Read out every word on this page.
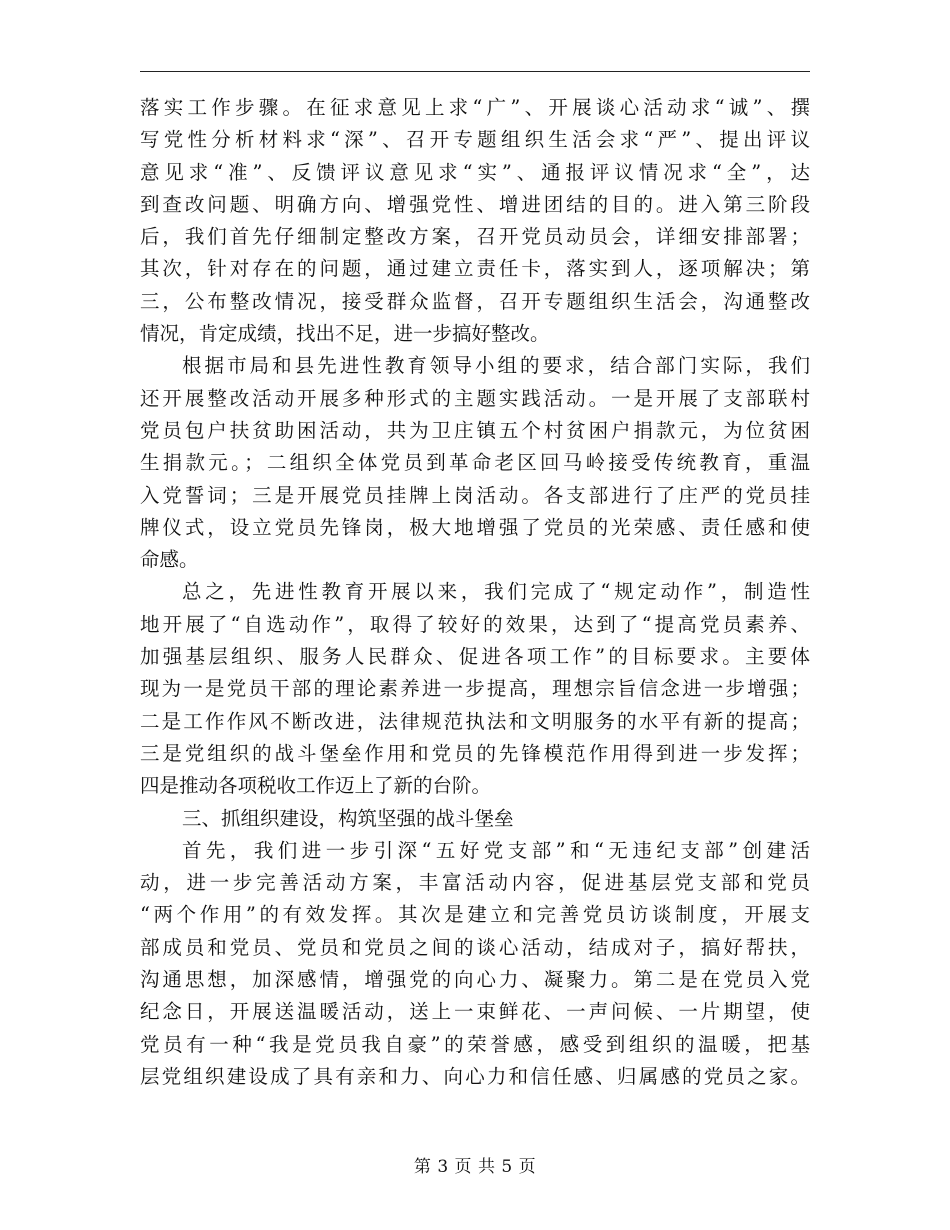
落实工作步骤。在征求意见上求“广”、开展谈心活动求“诚”、撰
写党性分析材料求“深”、召开专题组织生活会求“严”、提出评议
意见求“准”、反馈评议意见求“实”、通报评议情况求“全”，达
到查改问题、明确方向、增强党性、增进团结的目的。进入第三阶段
后，我们首先仔细制定整改方案，召开党员动员会，详细安排部署；
其次，针对存在的问题，通过建立责任卡，落实到人，逐项解决；第
三，公布整改情况，接受群众监督，召开专题组织生活会，沟通整改
情况，肯定成绩，找出不足，进一步搞好整改。
根据市局和县先进性教育领导小组的要求，结合部门实际，我们
还开展整改活动开展多种形式的主题实践活动。一是开展了支部联村
党员包户扶贫助困活动，共为卫庄镇五个村贫困户捐款元，为位贫困
生捐款元。；二组织全体党员到革命老区回马岭接受传统教育，重温
入党誓词；三是开展党员挂牌上岗活动。各支部进行了庄严的党员挂
牌仪式，设立党员先锋岗，极大地增强了党员的光荣感、责任感和使
命感。
总之，先进性教育开展以来，我们完成了“规定动作”，制造性
地开展了“自选动作”，取得了较好的效果，达到了“提高党员素养、
加强基层组织、服务人民群众、促进各项工作”的目标要求。主要体
现为一是党员干部的理论素养进一步提高，理想宗旨信念进一步增强；
二是工作作风不断改进，法律规范执法和文明服务的水平有新的提高；
三是党组织的战斗堡垒作用和党员的先锋模范作用得到进一步发挥；
四是推动各项税收工作迈上了新的台阶。
三、抓组织建设，构筑坚强的战斗堡垒
首先，我们进一步引深“五好党支部”和“无违纪支部”创建活
动，进一步完善活动方案，丰富活动内容，促进基层党支部和党员
“两个作用”的有效发挥。其次是建立和完善党员访谈制度，开展支
部成员和党员、党员和党员之间的谈心活动，结成对子，搞好帮扶，
沟通思想，加深感情，增强党的向心力、凝聚力。第二是在党员入党
纪念日，开展送温暖活动，送上一束鲜花、一声问候、一片期望，使
党员有一种“我是党员我自豪”的荣誉感，感受到组织的温暖，把基
层党组织建设成了具有亲和力、向心力和信任感、归属感的党员之家。
第 3 页 共 5 页
